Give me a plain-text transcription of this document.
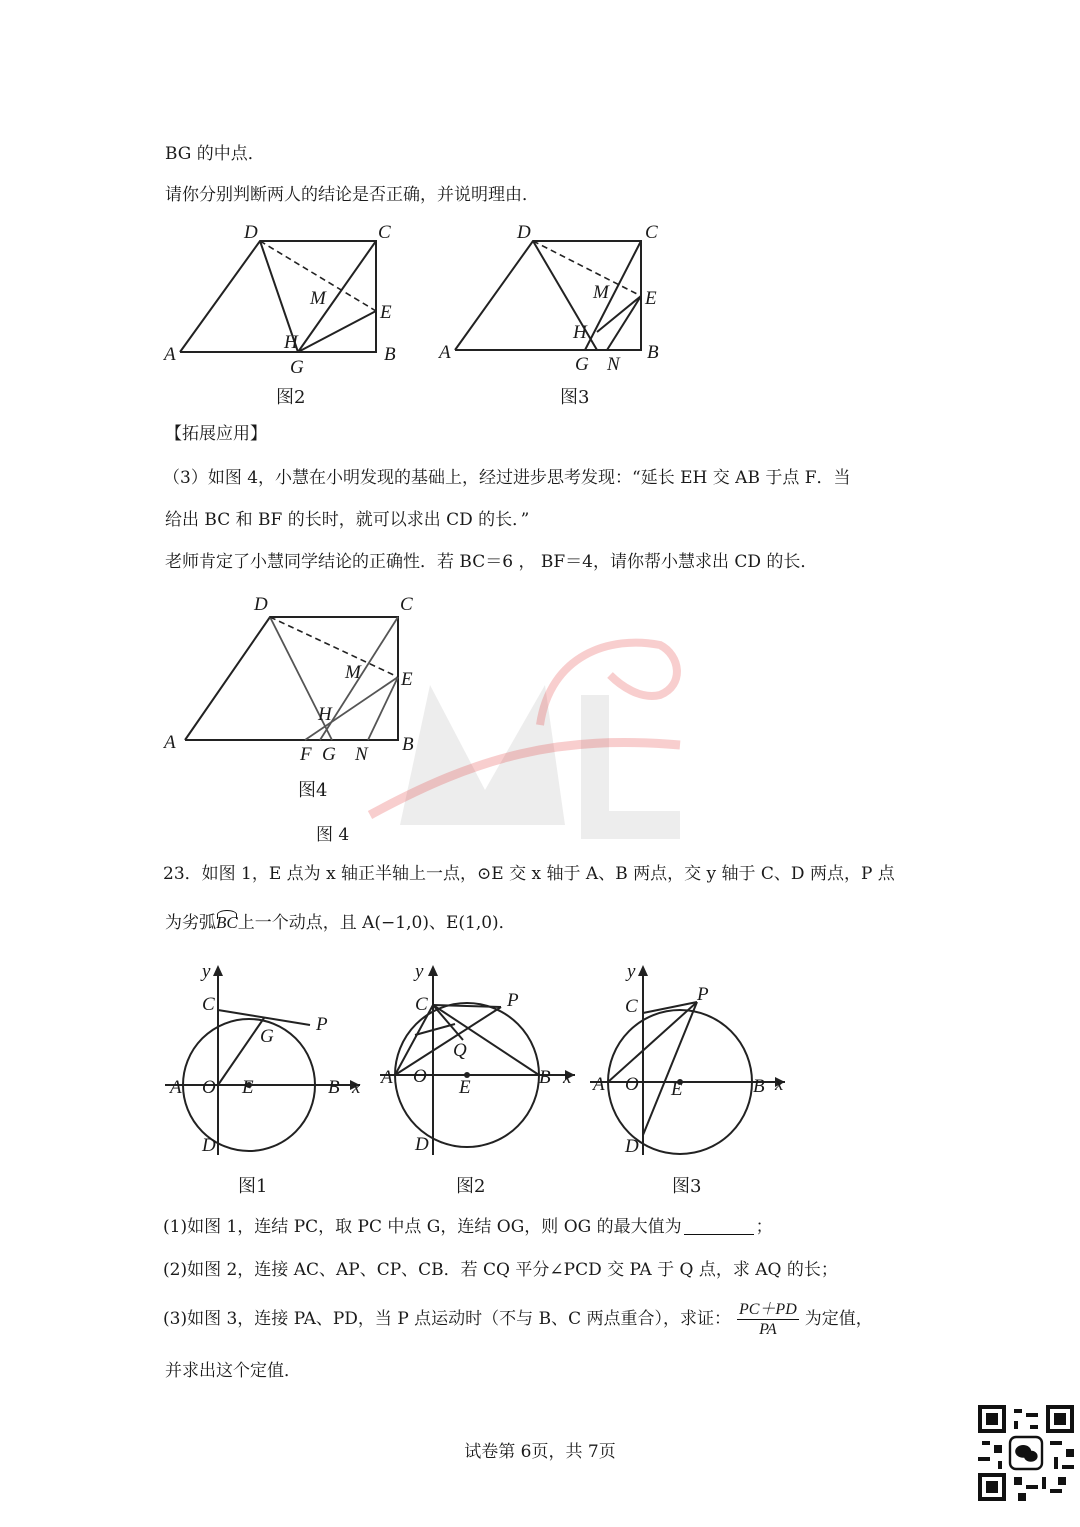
BG 的中点．
请你分别判断两人的结论是否正确，并说明理由．
A	B
C
D
E
G
H
M
图2
A	B
C
D
E
G
H
M
N
图3
【拓展应用】
（3）如图 4，小慧在小明发现的基础上，经过进步思考发现：“延长 EH 交 AB 于点 F．当
给出 BC 和 BF 的长时，就可以求出 CD 的长．”
老师肯定了小慧同学结论的正确性．若 BC＝6 ， BF＝4，请你帮小慧求出 CD 的长．
A	B
C
D
E
F G
H
M
N
图4
图 4
23．如图 1，E 点为 x 轴正半轴上一点，⊙E 交 x 轴于 A、B 两点，交 y 轴于 C、D 两点，P 点
为劣弧BC上一个动点，且 A(−1,0)、E(1,0)．
A O E	B x
y
C
D
G
P
图1
A O
E	B x
y
C
D
Q
P
图2
A O E	B x
y
C
D
P
图3
(1)如图 1，连结 PC，取 PC 中点 G，连结 OG，则 OG 的最大值为	；
(2)如图 2，连接 AC、AP、CP、CB．若 CQ 平分∠PCD 交 PA 于 Q 点，求 AQ 的长；
(3)如图 3，连接 PA、PD，当 P 点运动时（不与 B、C 两点重合），求证： $\frac{PC+PD}{PA}$ 为定值，
并求出这个定值．
试卷第 6页，共 7页
